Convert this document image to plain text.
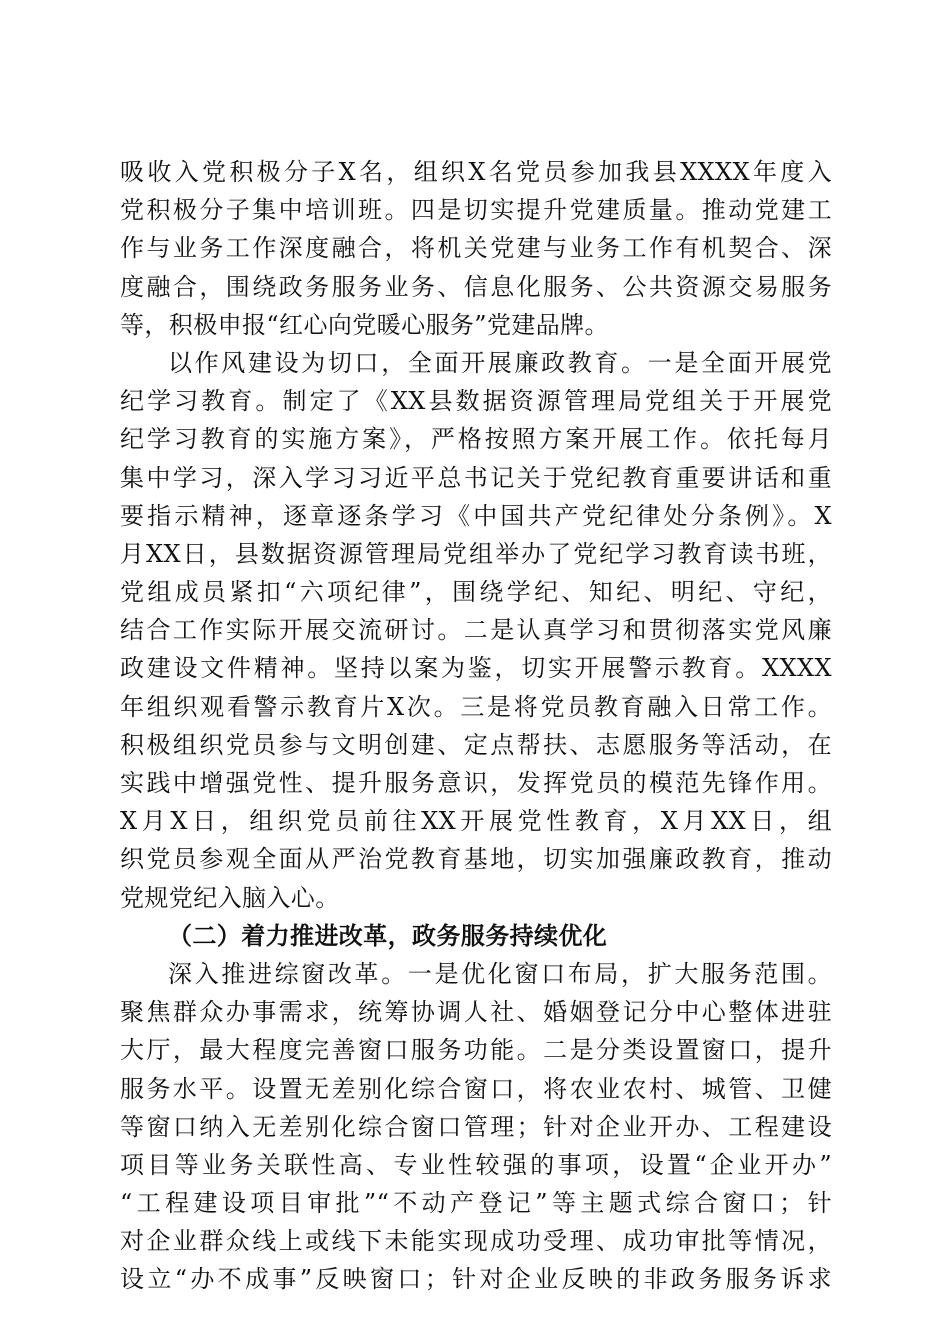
吸收入党积极分子X名，组织X名党员参加我县XXXX年度入
党积极分子集中培训班。四是切实提升党建质量。推动党建工
作与业务工作深度融合，将机关党建与业务工作有机契合、深
度融合，围绕政务服务业务、信息化服务、公共资源交易服务
等，积极申报“红心向党暖心服务”党建品牌。
以作风建设为切口，全面开展廉政教育。一是全面开展党
纪学习教育。制定了《XX县数据资源管理局党组关于开展党
纪学习教育的实施方案》，严格按照方案开展工作。依托每月
集中学习，深入学习习近平总书记关于党纪教育重要讲话和重
要指示精神，逐章逐条学习《中国共产党纪律处分条例》。X
月XX日，县数据资源管理局党组举办了党纪学习教育读书班，
党组成员紧扣“六项纪律”，围绕学纪、知纪、明纪、守纪，
结合工作实际开展交流研讨。二是认真学习和贯彻落实党风廉
政建设文件精神。坚持以案为鉴，切实开展警示教育。XXXX
年组织观看警示教育片X次。三是将党员教育融入日常工作。
积极组织党员参与文明创建、定点帮扶、志愿服务等活动，在
实践中增强党性、提升服务意识，发挥党员的模范先锋作用。
X月X日，组织党员前往XX开展党性教育，X月XX日，组
织党员参观全面从严治党教育基地，切实加强廉政教育，推动
党规党纪入脑入心。
（二）着力推进改革，政务服务持续优化
深入推进综窗改革。一是优化窗口布局，扩大服务范围。
聚焦群众办事需求，统筹协调人社、婚姻登记分中心整体进驻
大厅，最大程度完善窗口服务功能。二是分类设置窗口，提升
服务水平。设置无差别化综合窗口，将农业农村、城管、卫健
等窗口纳入无差别化综合窗口管理；针对企业开办、工程建设
项目等业务关联性高、专业性较强的事项，设置“企业开办”
“工程建设项目审批”“不动产登记”等主题式综合窗口；针
对企业群众线上或线下未能实现成功受理、成功审批等情况，
设立“办不成事”反映窗口；针对企业反映的非政务服务诉求
